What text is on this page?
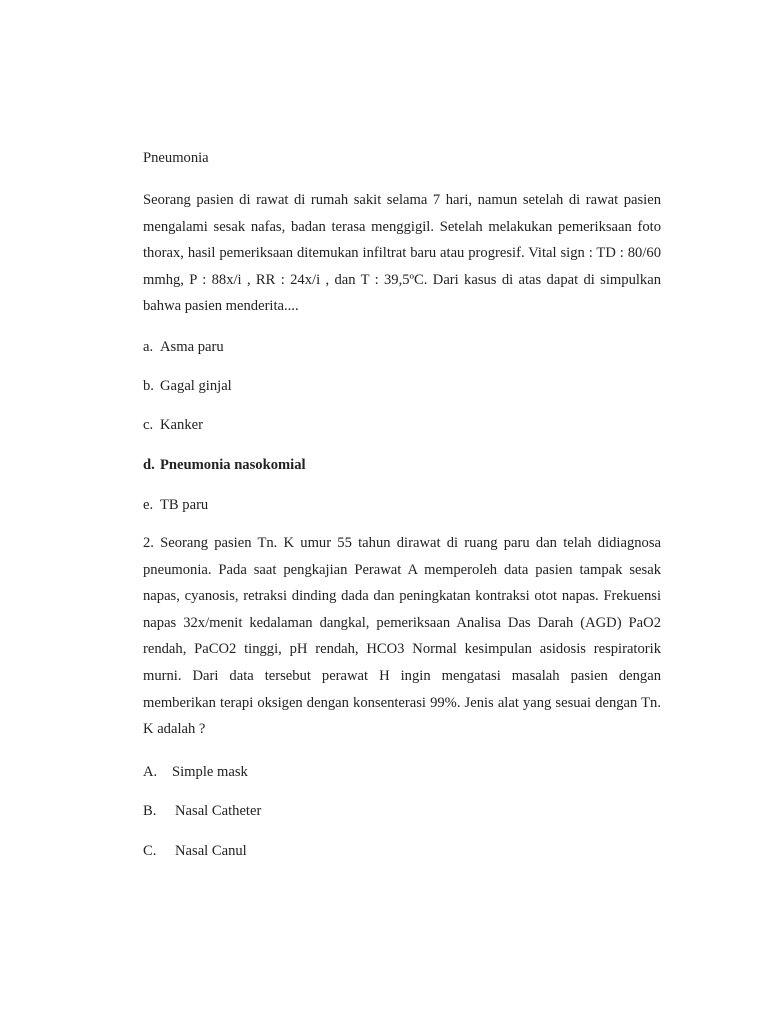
Pneumonia

Seorang pasien di rawat di rumah sakit selama 7 hari, namun setelah di rawat pasien mengalami sesak nafas, badan terasa menggigil. Setelah melakukan pemeriksaan foto thorax, hasil pemeriksaan ditemukan infiltrat baru atau progresif. Vital sign : TD : 80/60 mmhg, P : 88x/i , RR : 24x/i , dan T : 39,5ºC. Dari kasus di atas dapat di simpulkan bahwa pasien menderita....

a. Asma paru

b. Gagal ginjal

c. Kanker

d. Pneumonia nasokomial

e. TB paru

2. Seorang pasien Tn. K umur 55 tahun dirawat di ruang paru dan telah didiagnosa pneumonia. Pada saat pengkajian Perawat A memperoleh data pasien tampak sesak napas, cyanosis, retraksi dinding dada dan peningkatan kontraksi otot napas. Frekuensi napas 32x/menit kedalaman dangkal, pemeriksaan Analisa Das Darah (AGD) PaO2 rendah, PaCO2 tinggi, pH rendah, HCO3 Normal kesimpulan asidosis respiratorik murni. Dari data tersebut perawat H ingin mengatasi masalah pasien dengan memberikan terapi oksigen dengan konsenterasi 99%. Jenis alat yang sesuai dengan Tn. K adalah ?

A. Simple mask

B. Nasal Catheter

C. Nasal Canul
